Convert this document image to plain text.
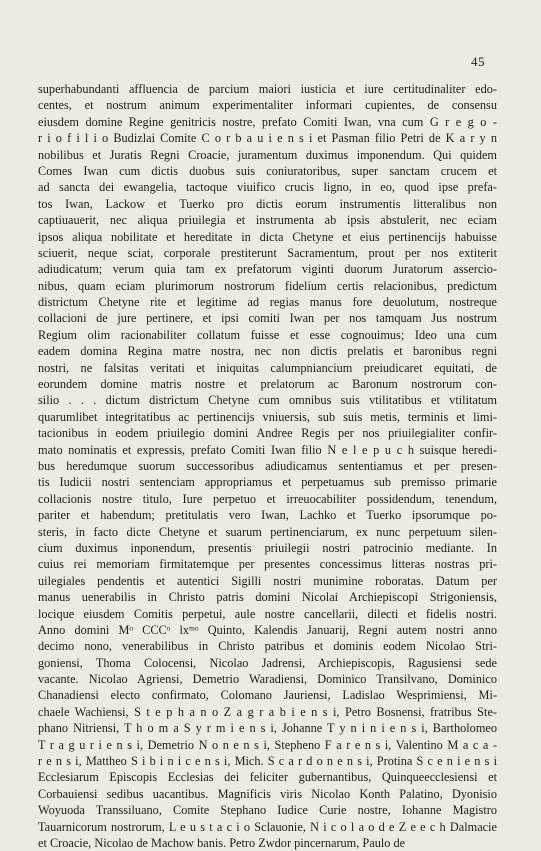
45
superhabundanti affluencia de parcium maiori iusticia et iure certitudinaliter edo-
centes, et nostrum animum experimentaliter informari cupientes, de consensu
eiusdem domine Regine genitricis nostre, prefato Comiti Iwan, vna cum G r e g o -
r i o f i l i o Budizlai Comite C o r b a u i e n s i et Pasman filio Petri de K a r y n
nobilibus et Juratis Regni Croacie, juramentum duximus imponendum. Qui quidem
Comes Iwan cum dictis duobus suis coniuratoribus, super sanctam crucem et
ad sancta dei ewangelia, tactoque viuifico crucis ligno, in eo, quod ipse prefa-
tos Iwan, Lackow et Tuerko pro dictis eorum instrumentis litteralibus non
captiuauerit, nec aliqua priuilegia et instrumenta ab ipsis abstulerit, nec eciam
ipsos aliqua nobilitate et hereditate in dicta Chetyne et eius pertinencijs habuisse
sciuerit, neque sciat, corporale prestiterunt Sacramentum, prout per nos extiterit
adiudicatum; verum quia tam ex prefatorum viginti duorum Juratorum assercio-
nibus, quam eciam plurimorum nostrorum fidelium certis relacionibus, predictum
districtum Chetyne rite et legitime ad regias manus fore deuolutum, nostreque
collacioni de jure pertinere, et ipsi comiti Iwan per nos tamquam Jus nostrum
Regium olim racionabiliter collatum fuisse et esse cognouimus; Ideo una cum
eadem domina Regina matre nostra, nec non dictis prelatis et baronibus regni
nostri, ne falsitas veritati et iniquitas calumpniancium preiudicaret equitati, de
eorundem domine matris nostre et prelatorum ac Baronum nostrorum con-
silio . . . dictum districtum Chetyne cum omnibus suis vtilitatibus et vtilitatum
quarumlibet integritatibus ac pertinencijs vniuersis, sub suis metis, terminis et limi-
tacionibus in eodem priuilegio domini Andree Regis per nos priuilegialiter confir-
mato nominatis et expressis, prefato Comiti Iwan filio N e l e p u c h suisque heredi-
bus heredumque suorum successoribus adiudicamus sententiamus et per presen-
tis Iudicii nostri sentenciam appropriamus et perpetuamus sub premisso primarie
collacionis nostre titulo, Iure perpetuo et irreuocabiliter possidendum, tenendum,
pariter et habendum; pretitulatis vero Iwan, Lachko et Tuerko ipsorumque po-
steris, in facto dicte Chetyne et suarum pertinenciarum, ex nunc perpetuum silen-
cium duximus inponendum, presentis priuilegii nostri patrocinio mediante. In
cuius rei memoriam firmitatemque per presentes concessimus litteras nostras pri-
uilegiales pendentis et autentici Sigilli nostri munimine roboratas. Datum per
manus uenerabilis in Christo patris domini Nicolai Archiepiscopi Strigoniensis,
locique eiusdem Comitis perpetui, aule nostre cancellarii, dilecti et fidelis nostri.
Anno domini Mᵒ CCCᵒ lxᵐᵒ Quinto, Kalendis Januarij, Regni autem nostri anno
decimo nono, venerabilibus in Christo patribus et dominis eodem Nicolao Stri-
goniensi, Thoma Colocensi, Nicolao Jadrensi, Archiepiscopis, Ragusiensi sede
vacante. Nicolao Agriensi, Demetrio Waradiensi, Dominico Transilvano, Dominico
Chanadiensi electo confirmato, Colomano Jauriensi, Ladislao Wesprimiensi, Mi-
chaele Wachiensi, S t e p h a n o Z a g r a b i e n s i, Petro Bosnensi, fratribus Ste-
phano Nitriensi, T h o m a S y r m i e n s i, Johanne T y n i n i e n s i, Bartholomeo
T r a g u r i e n s i, Demetrio N o n e n s i, Stepheno F a r e n s i, Valentino M a c a -
r e n s i, Mattheo S i b i n i c e n s i, Mich. S c a r d o n e n s i, Protina S c e n i e n s i
Ecclesiarum Episcopis Ecclesias dei feliciter gubernantibus, Quinqueecclesiensi et
Corbauiensi sedibus uacantibus. Magnificis viris Nicolao Konth Palatino, Dyonisio
Woyuoda Transsiluano, Comite Stephano Iudice Curie nostre, Iohanne Magistro
Tauarnicorum nostrorum, L e u s t a c i o Sclauonie, N i c o l a o d e Z e e c h Dalmacie
et Croacie, Nicolao de Machow banis. Petro Zwdor pincernarum, Paulo de
